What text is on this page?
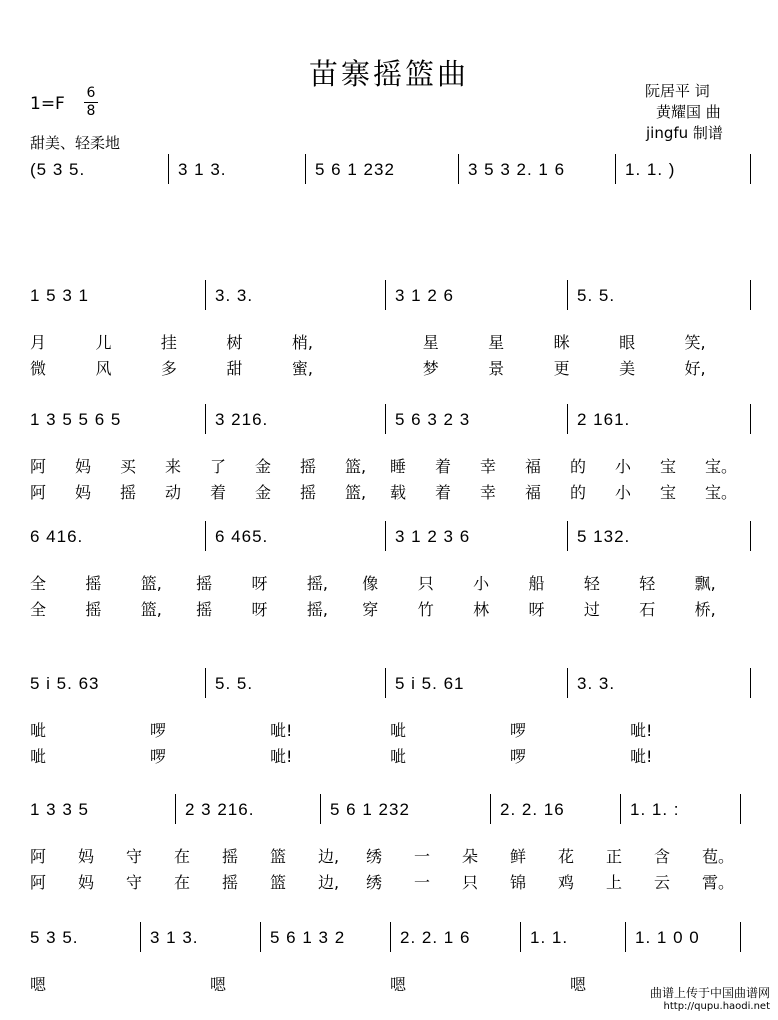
苗寨摇篮曲
1=F
6
8
甜美、轻柔地
阮居平 词
黄耀国 曲
jingfu 制谱
(5 3 5.	3 1 3.	5 6 1 232	3 5 3 2. 1 6	1. 1. )
1 5 3 1	3. 3.	3 1 2 6	5. 5.
月	儿	挂	树	梢,	星	星	眯	眼	笑,
微	风	多	甜	蜜,	梦	景	更	美	好,
1 3 5 5 6 5	3 216.	5 6 3 2 3	2 161.
阿 妈 买 来 了 金 摇 篮, 睡 着 幸 福 的 小 宝 宝。
阿 妈 摇 动 着 金 摇 篮, 载 着 幸 福 的 小 宝 宝。
6 416.	6 465.	3 1 2 3 6	5 132.
全 摇 篮, 摇 呀 摇, 像 只 小 船 轻 轻 飘,
全 摇 篮, 摇 呀 摇, 穿 竹 林 呀 过 石 桥,
5 i 5. 63	5. 5.	5 i 5. 61	3. 3.
呲	啰	呲!	呲	啰	呲!
呲	啰	呲!	呲	啰	呲!
1 3 3 5	2 3 216.	5 6 1 232	2. 2. 16	1. 1. :
阿 妈 守 在 摇 篮 边, 绣 一 朵 鲜 花 正 含 苞。
阿 妈 守 在 摇 篮 边, 绣 一 只 锦 鸡 上 云 霄。
5 3 5.	3 1 3.	5 6 1 3 2	2. 2. 1 6	1. 1.	1. 1 0 0
嗯	嗯	嗯	嗯	曲谱上传于中国曲谱网
http://qupu.haodi.net
